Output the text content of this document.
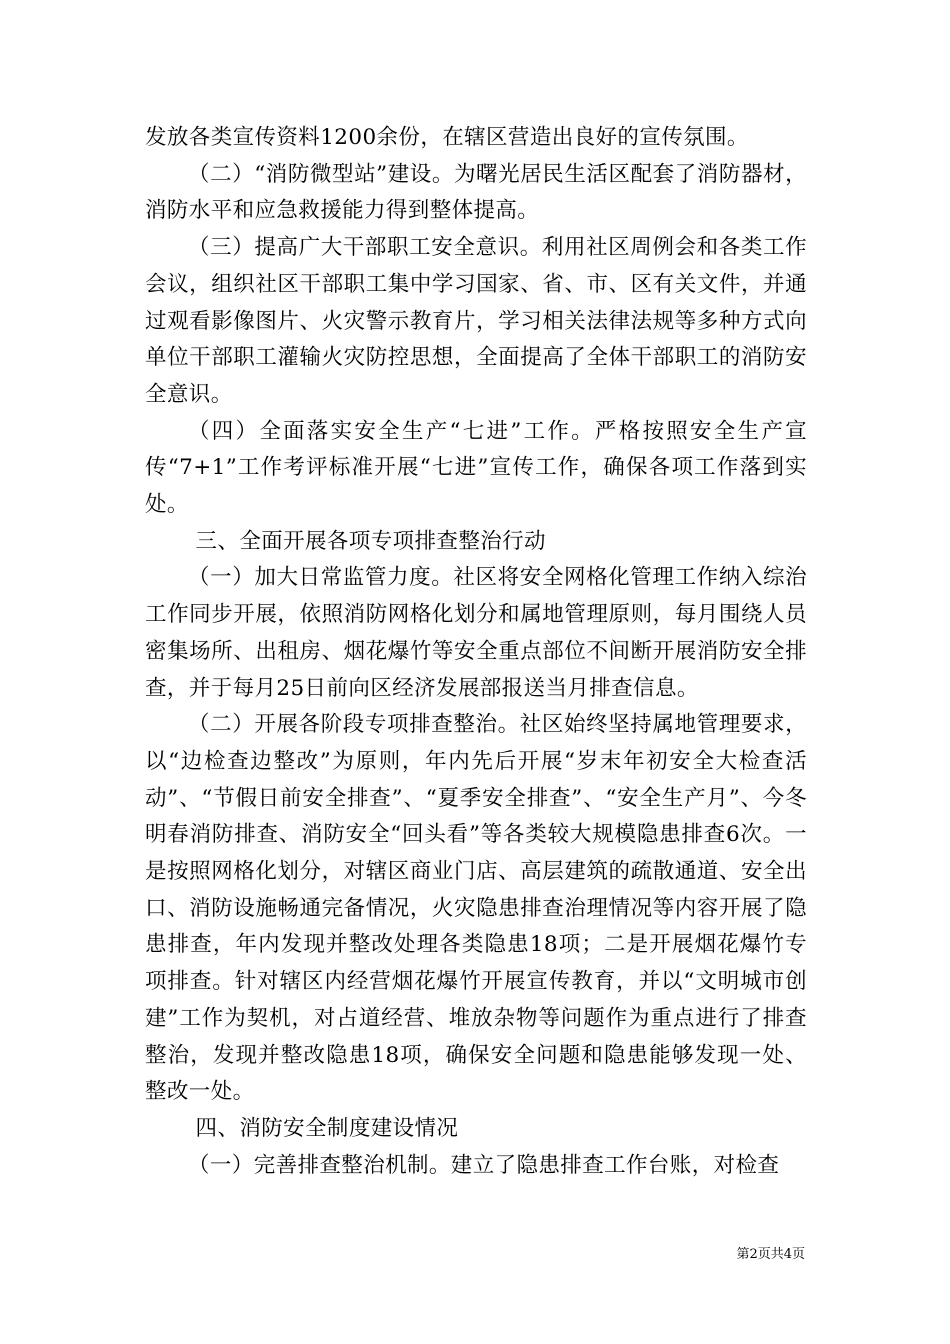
发放各类宣传资料1200余份，在辖区营造出良好的宣传氛围。

（二）“消防微型站”建设。为曙光居民生活区配套了消防器材，消防水平和应急救援能力得到整体提高。

（三）提高广大干部职工安全意识。利用社区周例会和各类工作会议，组织社区干部职工集中学习国家、省、市、区有关文件，并通过观看影像图片、火灾警示教育片，学习相关法律法规等多种方式向单位干部职工灌输火灾防控思想，全面提高了全体干部职工的消防安全意识。

（四）全面落实安全生产“七进”工作。严格按照安全生产宣传“7+1”工作考评标准开展“七进”宣传工作，确保各项工作落到实处。

三、全面开展各项专项排查整治行动

（一）加大日常监管力度。社区将安全网格化管理工作纳入综治工作同步开展，依照消防网格化划分和属地管理原则，每月围绕人员密集场所、出租房、烟花爆竹等安全重点部位不间断开展消防安全排查，并于每月25日前向区经济发展部报送当月排查信息。

（二）开展各阶段专项排查整治。社区始终坚持属地管理要求，以“边检查边整改”为原则，年内先后开展“岁末年初安全大检查活动”、“节假日前安全排查”、“夏季安全排查”、“安全生产月”、今冬明春消防排查、消防安全“回头看”等各类较大规模隐患排查6次。一是按照网格化划分，对辖区商业门店、高层建筑的疏散通道、安全出口、消防设施畅通完备情况，火灾隐患排查治理情况等内容开展了隐患排查，年内发现并整改处理各类隐患18项；二是开展烟花爆竹专项排查。针对辖区内经营烟花爆竹开展宣传教育，并以“文明城市创建”工作为契机，对占道经营、堆放杂物等问题作为重点进行了排查整治，发现并整改隐患18项，确保安全问题和隐患能够发现一处、整改一处。

四、消防安全制度建设情况

（一）完善排查整治机制。建立了隐患排查工作台账，对检查

第2页共4页
